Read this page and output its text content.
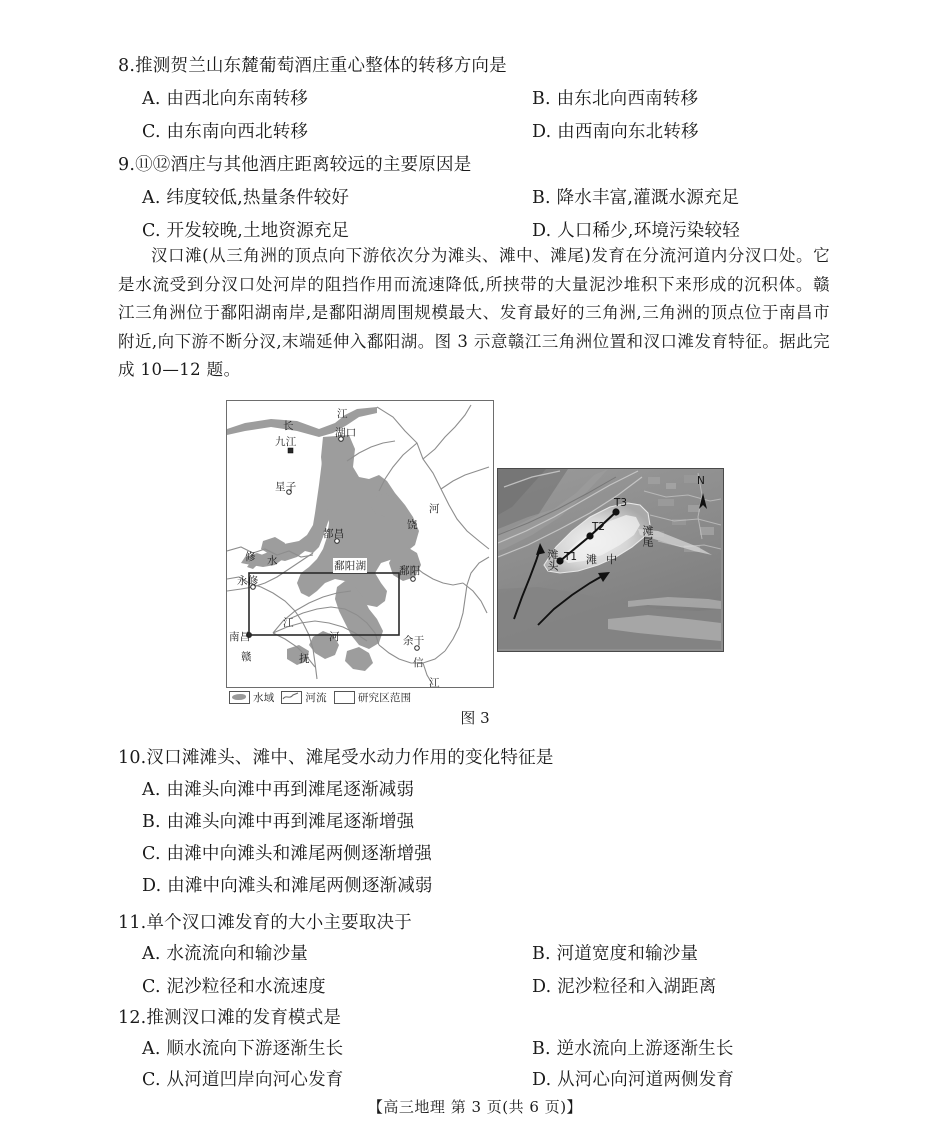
8.推测贺兰山东麓葡萄酒庄重心整体的转移方向是
A. 由西北向东南转移	B. 由东北向西南转移
C. 由东南向西北转移	D. 由西南向东北转移
9.⑪⑫酒庄与其他酒庄距离较远的主要原因是
A. 纬度较低,热量条件较好	B. 降水丰富,灌溉水源充足
C. 开发较晚,土地资源充足	D. 人口稀少,环境污染较轻

汊口滩(从三角洲的顶点向下游依次分为滩头、滩中、滩尾)发育在分流河道内分汊口处。它是水流受到分汊口处河岸的阻挡作用而流速降低,所挟带的大量泥沙堆积下来形成的沉积体。赣江三角洲位于鄱阳湖南岸,是鄱阳湖周围规模最大、发育最好的三角洲,三角洲的顶点位于南昌市附近,向下游不断分汊,末端延伸入鄱阳湖。图 3 示意赣江三角洲位置和汊口滩发育特征。据此完成 10—12 题。

长
江
湖口
九江
星子
都昌
修 水
永修
鄱阳湖	鄱阳
饶
河
南昌
赣
江
抚
河	余干
信
江
N
T1
T2
T3
滩头 滩中
滩尾
水域	河流	研究区范围
图 3
10.汊口滩滩头、滩中、滩尾受水动力作用的变化特征是
A. 由滩头向滩中再到滩尾逐渐减弱
B. 由滩头向滩中再到滩尾逐渐增强
C. 由滩中向滩头和滩尾两侧逐渐增强
D. 由滩中向滩头和滩尾两侧逐渐减弱
11.单个汊口滩发育的大小主要取决于
A. 水流流向和输沙量	B. 河道宽度和输沙量
C. 泥沙粒径和水流速度	D. 泥沙粒径和入湖距离
12.推测汊口滩的发育模式是
A. 顺水流向下游逐渐生长	B. 逆水流向上游逐渐生长
C. 从河道凹岸向河心发育	D. 从河心向河道两侧发育
【高三地理 第 3 页(共 6 页)】
